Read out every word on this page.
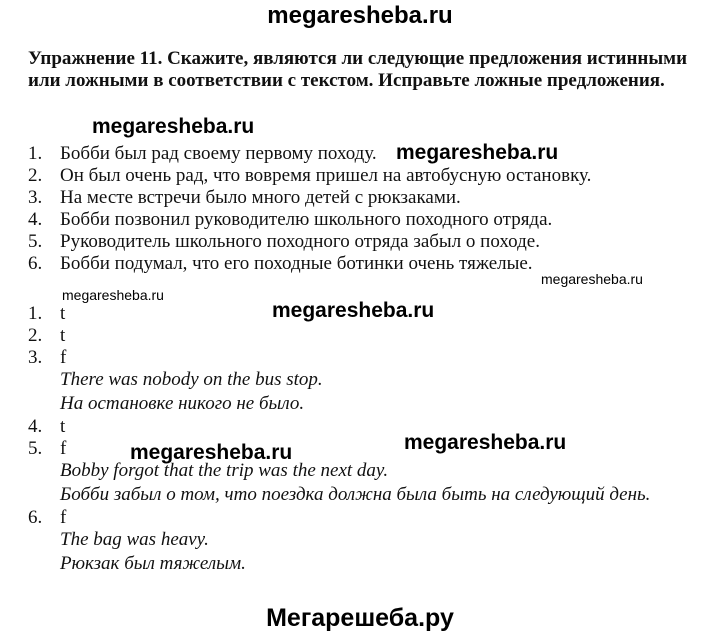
megaresheba.ru
Упражнение 11. Скажите, являются ли следующие предложения истинными или ложными в соответствии с текстом. Исправьте ложные предложения.
megaresheba.ru
1. Бобби был рад своему первому походу.
2. Он был очень рад, что вовремя пришел на автобусную остановку.
3. На месте встречи было много детей с рюкзаками.
4. Бобби позвонил руководителю школьного походного отряда.
5. Руководитель школьного походного отряда забыл о походе.
6. Бобби подумал, что его походные ботинки очень тяжелые.
megaresheba.ru
megaresheba.ru
megaresheba.ru
megaresheba.ru
1. t
2. t
3. f
There was nobody on the bus stop.
На остановке никого не было.
4. t
5. f
Bobby forgot that the trip was the next day.
Бобби забыл о том, что поездка должна была быть на следующий день.
6. f
The bag was heavy.
Рюкзак был тяжелым.
megaresheba.ru	megaresheba.ru
Мегарешеба.ру
